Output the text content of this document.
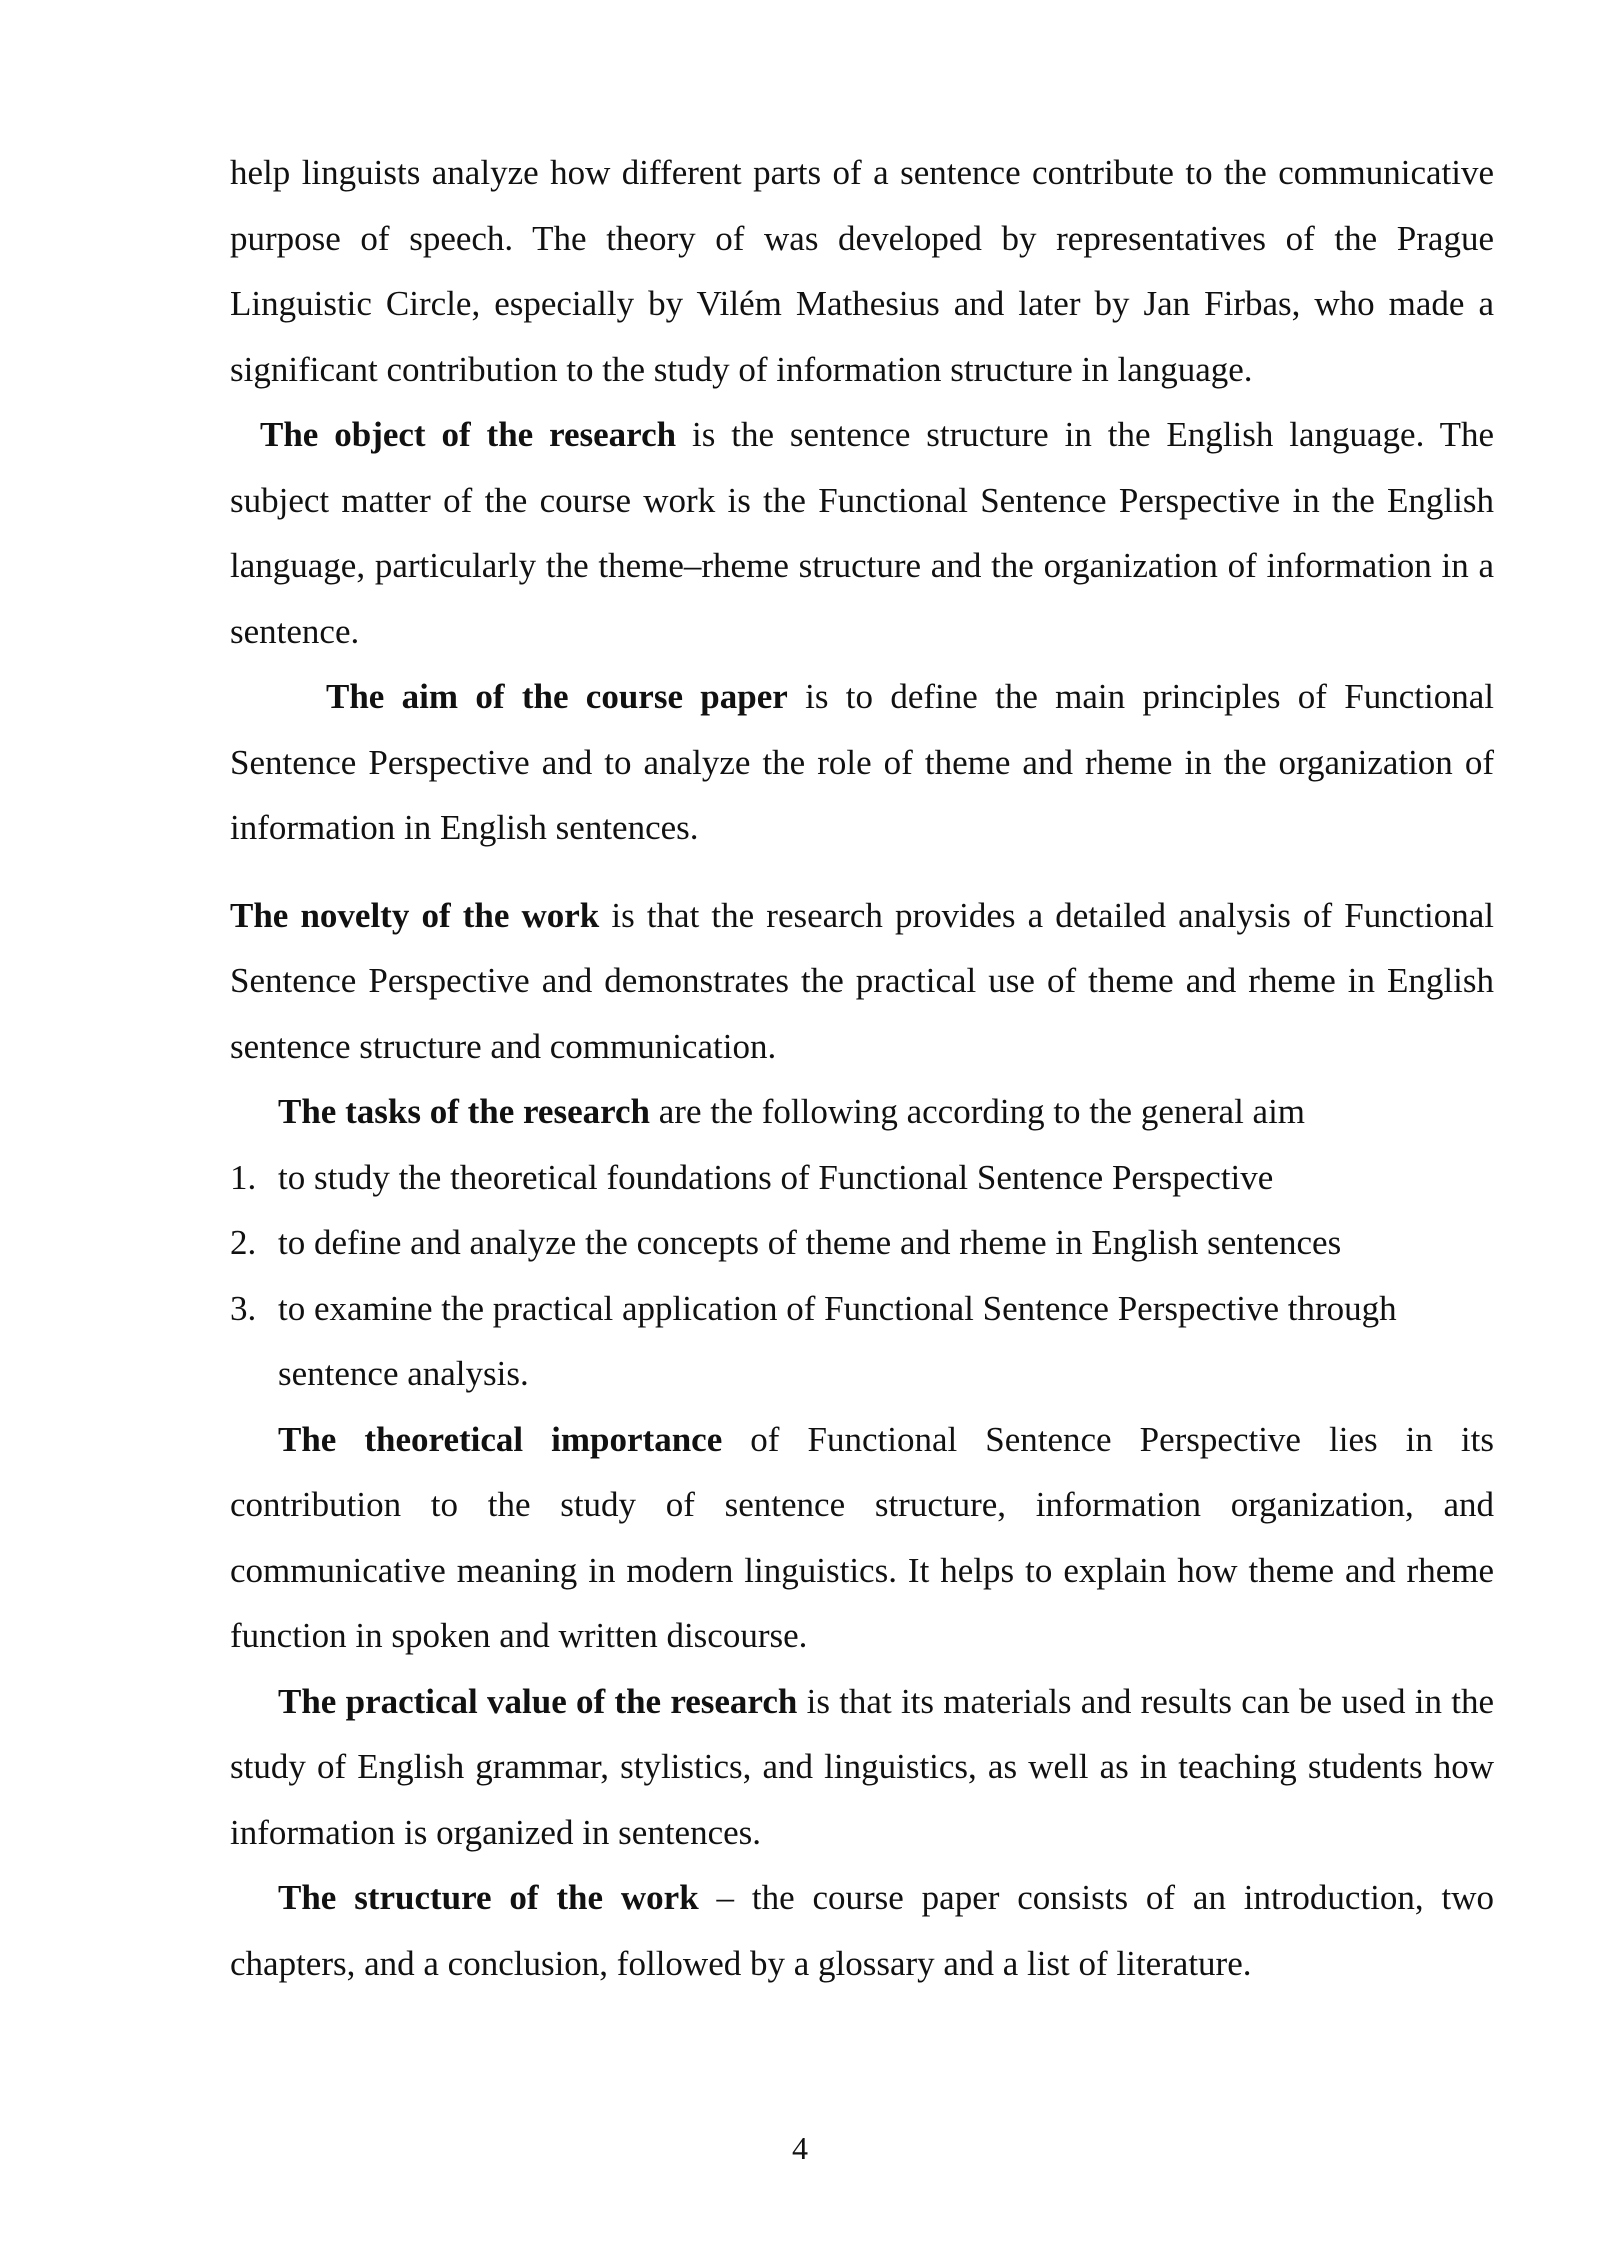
help linguists analyze how different parts of a sentence contribute to the communicative purpose of speech. The theory of was developed by representatives of the Prague Linguistic Circle, especially by Vilém Mathesius and later by Jan Firbas, who made a significant contribution to the study of information structure in language.

The object of the research is the sentence structure in the English language. The subject matter of the course work is the Functional Sentence Perspective in the English language, particularly the theme–rheme structure and the organization of information in a sentence.

The aim of the course paper is to define the main principles of Functional Sentence Perspective and to analyze the role of theme and rheme in the organization of information in English sentences.

The novelty of the work is that the research provides a detailed analysis of Functional Sentence Perspective and demonstrates the practical use of theme and rheme in English sentence structure and communication.

The tasks of the research are the following according to the general aim

1. to study the theoretical foundations of Functional Sentence Perspective
2. to define and analyze the concepts of theme and rheme in English sentences
3. to examine the practical application of Functional Sentence Perspective through sentence analysis.

The theoretical importance of Functional Sentence Perspective lies in its contribution to the study of sentence structure, information organization, and communicative meaning in modern linguistics. It helps to explain how theme and rheme function in spoken and written discourse.

The practical value of the research is that its materials and results can be used in the study of English grammar, stylistics, and linguistics, as well as in teaching students how information is organized in sentences.

The structure of the work – the course paper consists of an introduction, two chapters, and a conclusion, followed by a glossary and a list of literature.

4
